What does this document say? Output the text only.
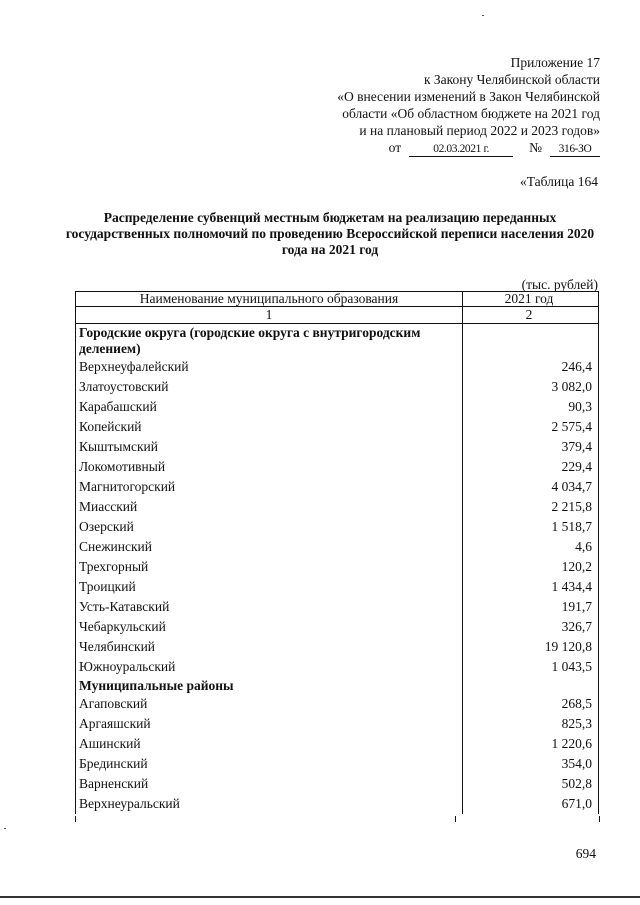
Приложение 17
к Закону Челябинской области
«О внесении изменений в Закон Челябинской
области «Об областном бюджете на 2021 год
и на плановый период 2022 и 2023 годов»
от	02.03.2021 г.	№	316-ЗО
«Таблица 164
Распределение субвенций местным бюджетам на реализацию переданных государственных полномочий по проведению Всероссийской переписи населения 2020 года на 2021 год
(тыс. рублей)
Наименование муниципального образования	2021 год
1	2
Городские округа (городские округа с внутригородским делением)	
Верхнеуфалейский	246,4
Златоустовский	3 082,0
Карабашский	90,3
Копейский	2 575,4
Кыштымский	379,4
Локомотивный	229,4
Магнитогорский	4 034,7
Миасский	2 215,8
Озерский	1 518,7
Снежинский	4,6
Трехгорный	120,2
Троицкий	1 434,4
Усть-Катавский	191,7
Чебаркульский	326,7
Челябинский	19 120,8
Южноуральский	1 043,5
Муниципальные районы	
Агаповский	268,5
Аргаяшский	825,3
Ашинский	1 220,6
Брединский	354,0
Варненский	502,8
Верхнеуральский	671,0
694
